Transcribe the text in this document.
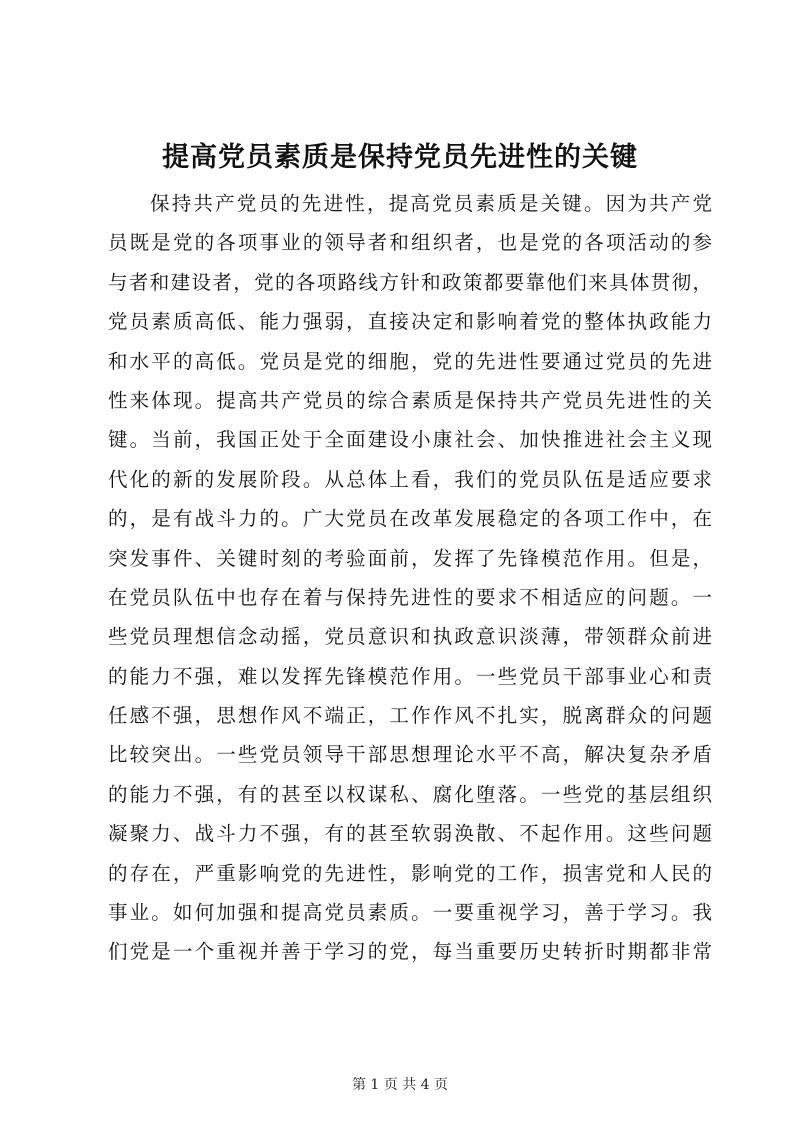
提高党员素质是保持党员先进性的关键
保持共产党员的先进性，提高党员素质是关键。因为共产党
员既是党的各项事业的领导者和组织者，也是党的各项活动的参
与者和建设者，党的各项路线方针和政策都要靠他们来具体贯彻，
党员素质高低、能力强弱，直接决定和影响着党的整体执政能力
和水平的高低。党员是党的细胞，党的先进性要通过党员的先进
性来体现。提高共产党员的综合素质是保持共产党员先进性的关
键。当前，我国正处于全面建设小康社会、加快推进社会主义现
代化的新的发展阶段。从总体上看，我们的党员队伍是适应要求
的，是有战斗力的。广大党员在改革发展稳定的各项工作中，在
突发事件、关键时刻的考验面前，发挥了先锋模范作用。但是，
在党员队伍中也存在着与保持先进性的要求不相适应的问题。一
些党员理想信念动摇，党员意识和执政意识淡薄，带领群众前进
的能力不强，难以发挥先锋模范作用。一些党员干部事业心和责
任感不强，思想作风不端正，工作作风不扎实，脱离群众的问题
比较突出。一些党员领导干部思想理论水平不高，解决复杂矛盾
的能力不强，有的甚至以权谋私、腐化堕落。一些党的基层组织
凝聚力、战斗力不强，有的甚至软弱涣散、不起作用。这些问题
的存在，严重影响党的先进性，影响党的工作，损害党和人民的
事业。如何加强和提高党员素质。一要重视学习，善于学习。我
们党是一个重视并善于学习的党，每当重要历史转折时期都非常
第 1 页 共 4 页
